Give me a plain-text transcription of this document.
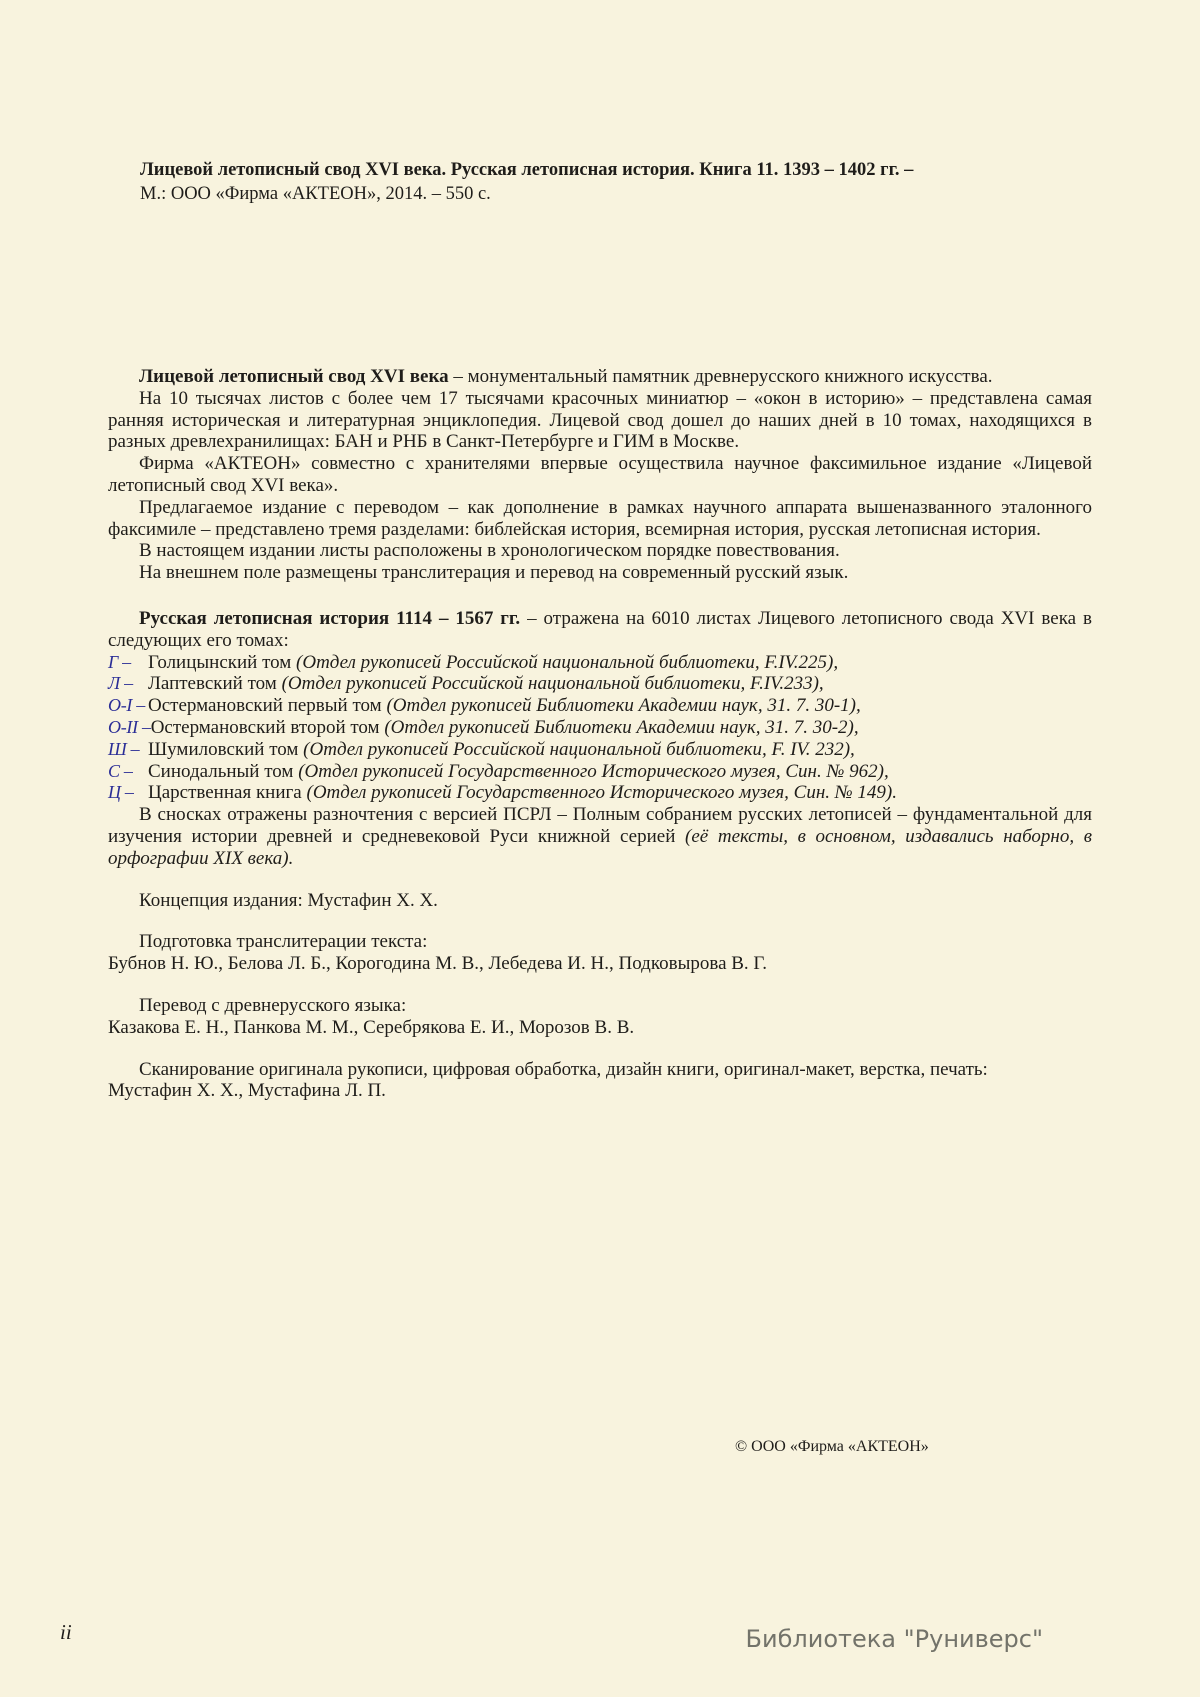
Лицевой летописный свод XVI века. Русская летописная история. Книга 11. 1393 – 1402 гг. –
М.: ООО «Фирма «АКТЕОН», 2014. – 550 с.

Лицевой летописный свод XVI века – монументальный памятник древнерусского книжного искусства.

На 10 тысячах листов с более чем 17 тысячами красочных миниатюр – «окон в историю» – представлена самая ранняя историческая и литературная энциклопедия. Лицевой свод дошел до наших дней в 10 томах, находящихся в разных древлехранилищах: БАН и РНБ в Санкт-Петербурге и ГИМ в Москве.

Фирма «АКТЕОН» совместно с хранителями впервые осуществила научное факсимильное издание «Лицевой летописный свод XVI века».

Предлагаемое издание с переводом – как дополнение в рамках научного аппарата вышеназванного эталонного факсимиле – представлено тремя разделами: библейская история, всемирная история, русская летописная история.

В настоящем издании листы расположены в хронологическом порядке повествования.

На внешнем поле размещены транслитерация и перевод на современный русский язык.

Русская летописная история 1114 – 1567 гг. – отражена на 6010 листах Лицевого летописного свода XVI века в следующих его томах:

Г – Голицынский том (Отдел рукописей Российской национальной библиотеки, F.IV.225),
Л – Лаптевский том (Отдел рукописей Российской национальной библиотеки, F.IV.233),
О-I – Остермановский первый том (Отдел рукописей Библиотеки Академии наук, 31. 7. 30-1),
О-II – Остермановский второй том (Отдел рукописей Библиотеки Академии наук, 31. 7. 30-2),
Ш – Шумиловский том (Отдел рукописей Российской национальной библиотеки, F. IV. 232),
С – Синодальный том (Отдел рукописей Государственного Исторического музея, Син. № 962),
Ц – Царственная книга (Отдел рукописей Государственного Исторического музея, Син. № 149).

В сносках отражены разночтения с версией ПСРЛ – Полным собранием русских летописей – фундаментальной для изучения истории древней и средневековой Руси книжной серией (её тексты, в основном, издавались наборно, в орфографии XIX века).

Концепция издания: Мустафин Х. Х.
Подготовка транслитерации текста:
Бубнов Н. Ю., Белова Л. Б., Корогодина М. В., Лебедева И. Н., Подковырова В. Г.
Перевод с древнерусского языка:
Казакова Е. Н., Панкова М. М., Серебрякова Е. И., Морозов В. В.
Сканирование оригинала рукописи, цифровая обработка, дизайн книги, оригинал-макет, верстка, печать:
Мустафин Х. Х., Мустафина Л. П.
© ООО «Фирма «АКТЕОН»
ii	Библиотека "Руниверс"
